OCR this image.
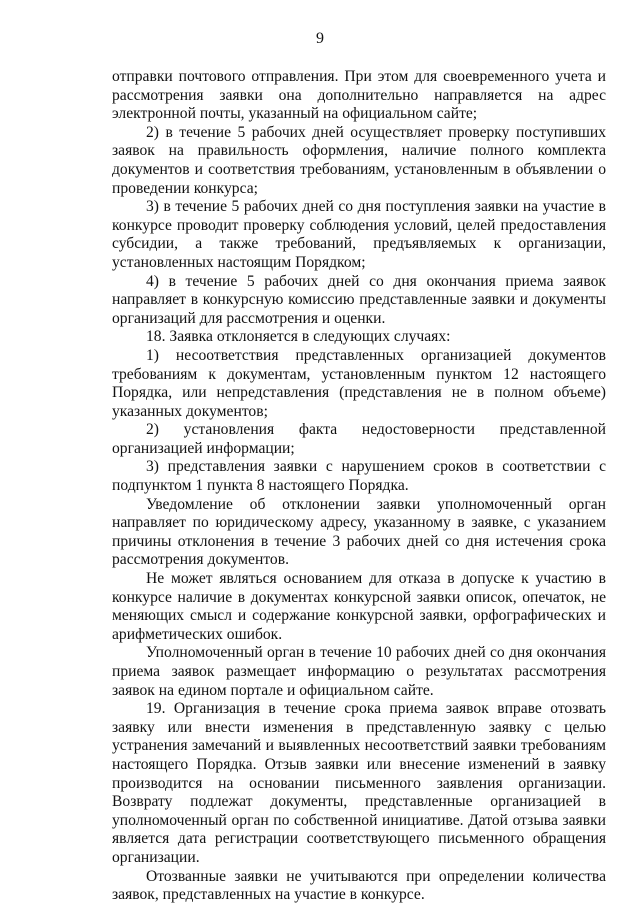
9

отправки почтового отправления. При этом для своевременного учета и рассмотрения заявки она дополнительно направляется на адрес электронной почты, указанный на официальном сайте;

2) в течение 5 рабочих дней осуществляет проверку поступивших заявок на правильность оформления, наличие полного комплекта документов и соответствия требованиям, установленным в объявлении о проведении конкурса;

3) в течение 5 рабочих дней со дня поступления заявки на участие в конкурсе проводит проверку соблюдения условий, целей предоставления субсидии, а также требований, предъявляемых к организации, установленных настоящим Порядком;

4) в течение 5 рабочих дней со дня окончания приема заявок направляет в конкурсную комиссию представленные заявки и документы организаций для рассмотрения и оценки.

18. Заявка отклоняется в следующих случаях:

1) несоответствия представленных организацией документов требованиям к документам, установленным пунктом 12 настоящего Порядка, или непредставления (представления не в полном объеме) указанных документов;

2) установления факта недостоверности представленной организацией информации;

3) представления заявки с нарушением сроков в соответствии с подпунктом 1 пункта 8 настоящего Порядка.

Уведомление об отклонении заявки уполномоченный орган направляет по юридическому адресу, указанному в заявке, с указанием причины отклонения в течение 3 рабочих дней со дня истечения срока рассмотрения документов.

Не может являться основанием для отказа в допуске к участию в конкурсе наличие в документах конкурсной заявки описок, опечаток, не меняющих смысл и содержание конкурсной заявки, орфографических и арифметических ошибок.

Уполномоченный орган в течение 10 рабочих дней со дня окончания приема заявок размещает информацию о результатах рассмотрения заявок на едином портале и официальном сайте.

19. Организация в течение срока приема заявок вправе отозвать заявку или внести изменения в представленную заявку с целью устранения замечаний и выявленных несоответствий заявки требованиям настоящего Порядка. Отзыв заявки или внесение изменений в заявку производится на основании письменного заявления организации. Возврату подлежат документы, представленные организацией в уполномоченный орган по собственной инициативе. Датой отзыва заявки является дата регистрации соответствующего письменного обращения организации.

Отозванные заявки не учитываются при определении количества заявок, представленных на участие в конкурсе.
